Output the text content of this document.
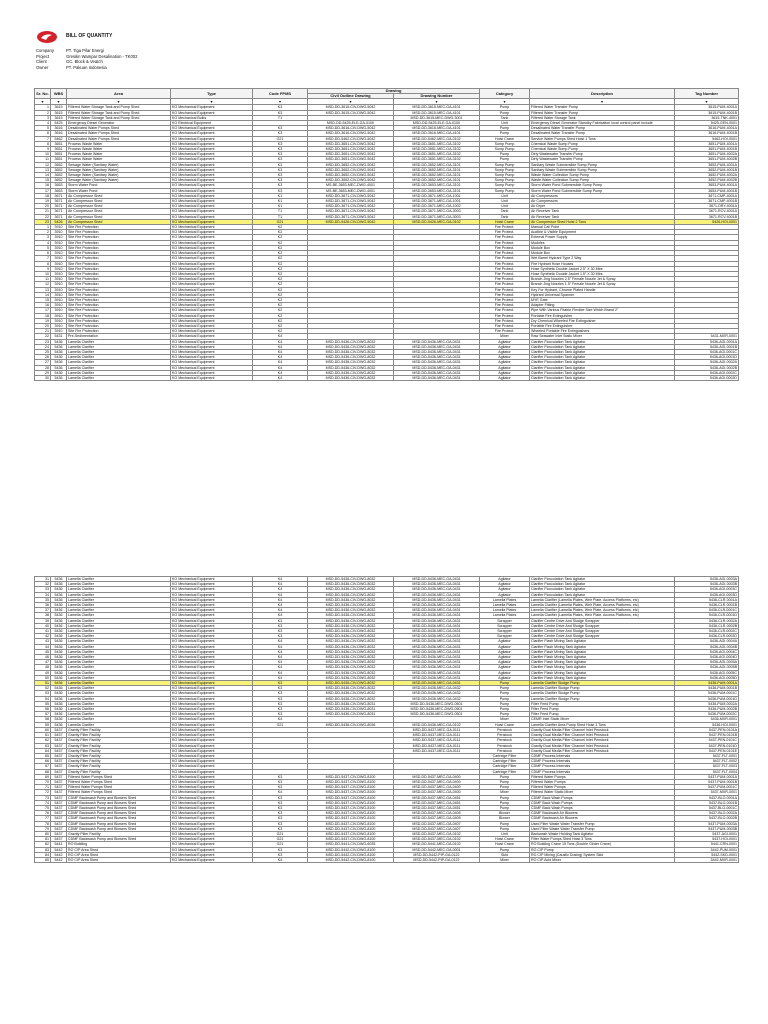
BILL OF QUANTITY
Company	PT. Tiga Pilar Energi
Project	Gresikn Wampar Desalination - TK002
Client	GC. Block & Veatch
Owner	PT. Pakuan Indonesia
Sr. No.	WBS	Area	Type	Code FPMS	Drawing		Category	Description	Tag Number
					Civil Outline Drawing	Drawing Number			
▾	▾	▾	▾	▾	▾	▾	▾	▾	▾
1	3615	Filtered Water Storage Tank and Pump Shed	KO Mechanical Equipment	K3	MSD-DD-3615-CIV-DWG-5042	MSD-DD-3615-MEC-GA-4101	Pump	Filtered Water Transfer Pump	3615-PUM-4001A
2	3615	Filtered Water Storage Tank and Pump Shed	KO Mechanical Equipment	K3	MSD-DD-3615-CIV-DWG-5042	MSD-DD-3615-MEC-GA-4101	Pump	Filtered Water Transfer Pump	3615-PUM-4001B
3	3615	Filtered Water Storage Tank and Pump Shed	KO Mechanical Bulks	T1		MSD-DD-3615-MEC-DWG-3001	Tank	Filtered Water Storage Tank	3615-TNK-4001
4	5425	Emergency Diesel Generator	KO Electrical Equipment		MSD-DD-5425-ELE-GA-0100	MSD-DD-5425-ELE-GA-0100	Unit	Emergency Diesel Generator Standby Fabrication local control panel include	5425-GEN-0001
5	3616	Desalinated Water Pumps Shed	KO Mechanical Equipment	K3	MSD-DD-3616-CIV-DWG-5042	MSD-DD-3616-MEC-GA-4101	Pump	Desalinated Water Transfer Pump	3616-PUM-4001A
6	3616	Desalinated Water Pumps Shed	KO Mechanical Equipment	K3	MSD-DD-3616-CIV-DWG-5042	MSD-DD-3616-MEC-GA-4101	Pump	Desalinated Water Transfer Pump	3616-PUM-4001B
7	5462	Desalinated Water Pumps Shed	KO Mechanical Equipment	G21	MSD-DD-5462-CIV-DWG-5042	MSD-DD-5462-MEC-GA-0102	Hoist Crane	Service Water Pumps Shed Hoist 1 Tons	5462-HOI-0001
8	3651	Process Waste Water	KO Mechanical Equipment	K3	MSD-DD-3651-CIV-DWG-5042	MSD-DD-3651-MEC-GA-3102	Sump Pump	Chemical Waste Sump Pump	3651-PUM-4001A
9	3651	Process Waste Water	KO Mechanical Equipment	K3	MSD-DD-3651-CIV-DWG-5042	MSD-DD-3651-MEC-GA-3102	Sump Pump	Chemical Waste Sump Pump	3651-PUM-4001B
10	3651	Process Waste Water	KO Mechanical Equipment	K3	MSD-DD-3651-CIV-DWG-5042	MSD-DD-3651-MEC-GA-3102	Pump	Dirty Wastewater Transfer Pump	3651-PUM-4002A
11	3651	Process Waste Water	KO Mechanical Equipment	K3	MSD-DD-3651-CIV-DWG-5042	MSD-DD-3651-MEC-GA-3102	Pump	Dirty Wastewater Transfer Pump	3651-PUM-4002B
12	3652	Sewage Water (Sanitary Water)	KO Mechanical Equipment	K3	MSD-DD-3652-CIV-DWG-5042	MSD-DD-3652-MEC-GA-3101	Sump Pump	Sanitary Waste Submersible Sump Pump	3652-PUM-4001A
13	3652	Sewage Water (Sanitary Water)	KO Mechanical Equipment	K3	MSD-DD-3652-CIV-DWG-5042	MSD-DD-3652-MEC-GA-3101	Sump Pump	Sanitary Waste Submersible Sump Pump	3652-PUM-4001B
14	3652	Sewage Water (Sanitary Water)	KO Mechanical Equipment	K3	MSD-DD-3652-CIV-DWG-5042	MSD-DD-3652-MEC-GA-3101	Sump Pump	Waste Water Collection Sump Pump	3652-PUM-4002A
15	3652	Sewage Water (Sanitary Water)	KO Mechanical Equipment	K3	MSD-DD-3652-CIV-DWG-5042	MSD-DD-3652-MEC-GA-3101	Sump Pump	Waste Water Collection Sump Pump	3652-PUM-4002B
16	3653	Storm Water Pond	KO Mechanical Equipment	K3	MS-BE-3653-MEC-DWG-4001	MSD-DD-3653-MEC-GA-3101	Sump Pump	Storm Water Pond Submersible Sump Pump	3653-PUM-4001A
17	3653	Storm Water Pond	KO Mechanical Equipment	K3	MS-BE-3653-MEC-DWG-4001	MSD-DD-3653-MEC-GA-3101	Sump Pump	Storm Water Pond Submersible Sump Pump	3653-PUM-4001B
18	3671	Air Compressor Shed	KO Mechanical Equipment	K1	MSD-DD-3671-CIV-DWG-5042	MSD-DD-3671-MEC-GA-1001	Unit	Air Compressors	3671-CMP-4001A
19	3671	Air Compressor Shed	KO Mechanical Equipment	K1	MSD-DD-3671-CIV-DWG-5042	MSD-DD-3671-MEC-GA-1001	Unit	Air Compressors	3671-CMP-4001B
20	3671	Air Compressor Shed	KO Mechanical Equipment	K1	MSD-DD-3671-CIV-DWG-5042	MSD-DD-3671-MEC-GA-1002	Unit	Air Dryer	3671-DRY-4001A
21	3671	Air Compressor Shed	KO Mechanical Equipment	T1	MSD-DD-3671-CIV-DWG-5042	MSD-DD-3671-MEC-GA-3003	Tank	Air Receiver Tank	3671-RCV-4001A
22	3671	Air Compressor Shed	KO Mechanical Equipment	T1	MSD-DD-3671-CIV-DWG-5042	MSD-DD-3671-MEC-GA-3003	Tank	Air Receiver Tank	3671-RCV-4001B
23	5426	Air Compressor Shed	KO Mechanical Equipment	G21	MSD-DD-5426-CIV-DWG-5042	MSD-DD-5426-MEC-GA-0102	Hoist Crane	Air Compressor Shed Hoist 2 Tons	5426-HOI-0001
1	3910	Site Fire Protection	KO Mechanical Equipment	K2			Fire Protect.	Manual Call Point	
2	3910	Site Fire Protection	KO Mechanical Equipment	K2			Fire Protect.	Audible & Visible Equipment	
3	3910	Site Fire Protection	KO Mechanical Equipment	K2			Fire Protect.	External Power Supply	
4	3910	Site Fire Protection	KO Mechanical Equipment	K2			Fire Protect.	Modules	
5	3910	Site Fire Protection	KO Mechanical Equipment	K2			Fire Protect.	Module Box	
6	3910	Site Fire Protection	KO Mechanical Equipment	K2			Fire Protect.	Module Box	
7	3910	Site Fire Protection	KO Mechanical Equipment	K2			Fire Protect.	Wet Barrel Hydrant Type 2 Way	
8	3910	Site Fire Protection	KO Mechanical Equipment	K2			Fire Protect.	Fire Hydrant Hose Houses	
9	3910	Site Fire Protection	KO Mechanical Equipment	K2			Fire Protect.	Hose Synthetic Double Jacket 2.5" X 30 Mtrs	
10	3910	Site Fire Protection	KO Mechanical Equipment	K2			Fire Protect.	Hose Synthetic Double Jacket 1.5" X 30 Mtrs	
11	3910	Site Fire Protection	KO Mechanical Equipment	K2			Fire Protect.	Branch Jing Nozzles 2.5" Female Nozzle Jet & Spray	
12	3910	Site Fire Protection	KO Mechanical Equipment	K2			Fire Protect.	Branch Jing Nozzles 1.5" Female Nozzle Jet & Spray	
13	3910	Site Fire Protection	KO Mechanical Equipment	K2			Fire Protect.	Key For Hydrant, Chrome Plated Handle	
14	3910	Site Fire Protection	KO Mechanical Equipment	K2			Fire Protect.	Hydrant Universal Spanner	
15	3910	Site Fire Protection	KO Mechanical Equipment	K2			Fire Protect.	MYE Gate	
16	3910	Site Fire Protection	KO Mechanical Equipment	K2			Fire Protect.	Adapter Fitting	
17	3910	Site Fire Protection	KO Mechanical Equipment	K2			Fire Protect.	Pipe With Various Fitable Flexible Size Which Brand 2"	
18	3910	Site Fire Protection	KO Mechanical Equipment	K2			Fire Protect.	Portable Fire Extinguisher	
19	3910	Site Fire Protection	KO Mechanical Equipment	K2			Fire Protect.	Dry Chemical Wheeled Fire Extinguisher	
20	3910	Site Fire Protection	KO Mechanical Equipment	K2			Fire Protect.	Portable Fire Extinguisher	
21	3910	Site Fire Protection	KO Mechanical Equipment	K2			Fire Protect.	Wheeled Portable Fire Extinguishers	
22	5431	Pre-Sedimentation	KO Mechanical Equipment	K4			Mixer	Raw Seawater Inlet Static Mixer	5431-MXR-0001
23	5436	Lamella Clarifier	KO Mechanical Equipment	K4	MSD-DD-5436-CIV-DWG-8032	MSD-DD-5436-MEC-GA-0431	Agitator	Clarifier Flocculation Tank Agitator	5436-AGI-0001A
24	5436	Lamella Clarifier	KO Mechanical Equipment	K4	MSD-DD-5436-CIV-DWG-8032	MSD-DD-5436-MEC-GA-0431	Agitator	Clarifier Flocculation Tank Agitator	5436-AGI-0001B
25	5436	Lamella Clarifier	KO Mechanical Equipment	K4	MSD-DD-5436-CIV-DWG-8032	MSD-DD-5436-MEC-GA-0431	Agitator	Clarifier Flocculation Tank Agitator	5436-AGI-0001C
26	5436	Lamella Clarifier	KO Mechanical Equipment	K4	MSD-DD-5436-CIV-DWG-8032	MSD-DD-5436-MEC-GA-0431	Agitator	Clarifier Flocculation Tank Agitator	5436-AGI-0001D
27	5436	Lamella Clarifier	KO Mechanical Equipment	K4	MSD-DD-5436-CIV-DWG-8032	MSD-DD-5436-MEC-GA-0431	Agitator	Clarifier Flocculation Tank Agitator	5436-AGI-0002A
28	5436	Lamella Clarifier	KO Mechanical Equipment	K4	MSD-DD-5436-CIV-DWG-8032	MSD-DD-5436-MEC-GA-0431	Agitator	Clarifier Flocculation Tank Agitator	5436-AGI-0002B
29	5436	Lamella Clarifier	KO Mechanical Equipment	K4	MSD-DD-5436-CIV-DWG-8032	MSD-DD-5436-MEC-GA-0431	Agitator	Clarifier Flocculation Tank Agitator	5436-AGI-0002C
30	5436	Lamella Clarifier	KO Mechanical Equipment	K4	MSD-DD-5436-CIV-DWG-8032	MSD-DD-5436-MEC-GA-0431	Agitator	Clarifier Flocculation Tank Agitator	5436-AGI-0002D
31	5436	Lamella Clarifier	KO Mechanical Equipment	K4	MSD-DD-5436-CIV-DWG-8032	MSD-DD-5436-MEC-GA-0431	Agitator	Clarifier Flocculation Tank Agitator	5436-AGI-0003A
32	5436	Lamella Clarifier	KO Mechanical Equipment	K4	MSD-DD-5436-CIV-DWG-8032	MSD-DD-5436-MEC-GA-0431	Agitator	Clarifier Flocculation Tank Agitator	5436-AGI-0003B
33	5436	Lamella Clarifier	KO Mechanical Equipment	K4	MSD-DD-5436-CIV-DWG-8032	MSD-DD-5436-MEC-GA-0431	Agitator	Clarifier Flocculation Tank Agitator	5436-AGI-0003C
34	5436	Lamella Clarifier	KO Mechanical Equipment	K4	MSD-DD-5436-CIV-DWG-8032	MSD-DD-5436-MEC-GA-0431	Agitator	Clarifier Flocculation Tank Agitator	5436-AGI-0003D
35	5436	Lamella Clarifier	KO Mechanical Equipment	K4	MSD-DD-5436-CIV-DWG-8032	MSD-DD-5436-MEC-GA-0431	Lamella Plates	Lamella Clarifier (Lamella Plates, Weir Plate, Access Platforms, etc)	5436-CLR-0001A
36	5436	Lamella Clarifier	KO Mechanical Equipment	K4	MSD-DD-5436-CIV-DWG-8032	MSD-DD-5436-MEC-GA-0431	Lamella Plates	Lamella Clarifier (Lamella Plates, Weir Plate, Access Platforms, etc)	5436-CLR-0001B
37	5436	Lamella Clarifier	KO Mechanical Equipment	K4	MSD-DD-5436-CIV-DWG-8032	MSD-DD-5436-MEC-GA-0431	Lamella Plates	Lamella Clarifier (Lamella Plates, Weir Plate, Access Platforms, etc)	5436-CLR-0001C
38	5436	Lamella Clarifier	KO Mechanical Equipment	K4	MSD-DD-5436-CIV-DWG-8032	MSD-DD-5436-MEC-GA-0431	Lamella Plates	Lamella Clarifier (Lamella Plates, Weir Plate, Access Platforms, etc)	5436-CLR-0001D
39	5436	Lamella Clarifier	KO Mechanical Equipment	K3	MSD-DD-5436-CIV-DWG-8032	MSD-DD-5436-MEC-GA-0431	Scrapper	Clarifier Centre Drive And Sludge Scrapper	5436-CLR-0002A
40	5436	Lamella Clarifier	KO Mechanical Equipment	K3	MSD-DD-5436-CIV-DWG-8032	MSD-DD-5436-MEC-GA-0431	Scrapper	Clarifier Centre Drive And Sludge Scrapper	5436-CLR-0002B
41	5436	Lamella Clarifier	KO Mechanical Equipment	K3	MSD-DD-5436-CIV-DWG-8032	MSD-DD-5436-MEC-GA-0431	Scrapper	Clarifier Centre Drive And Sludge Scrapper	5436-CLR-0002C
42	5436	Lamella Clarifier	KO Mechanical Equipment	K3	MSD-DD-5436-CIV-DWG-8032	MSD-DD-5436-MEC-GA-0431	Scrapper	Clarifier Centre Drive And Sludge Scrapper	5436-CLR-0002D
43	5436	Lamella Clarifier	KO Mechanical Equipment	K4	MSD-DD-5436-CIV-DWG-8032	MSD-DD-5436-MEC-GA-0431	Agitator	Clarifier Flash Mixing Tank Agitator	5436-AGI-0004A
44	5436	Lamella Clarifier	KO Mechanical Equipment	K4	MSD-DD-5436-CIV-DWG-8032	MSD-DD-5436-MEC-GA-0431	Agitator	Clarifier Flash Mixing Tank Agitator	5436-AGI-0004B
45	5436	Lamella Clarifier	KO Mechanical Equipment	K4	MSD-DD-5436-CIV-DWG-8032	MSD-DD-5436-MEC-GA-0431	Agitator	Clarifier Flash Mixing Tank Agitator	5436-AGI-0004C
46	5436	Lamella Clarifier	KO Mechanical Equipment	K4	MSD-DD-5436-CIV-DWG-8032	MSD-DD-5436-MEC-GA-0431	Agitator	Clarifier Flash Mixing Tank Agitator	5436-AGI-0004D
47	5436	Lamella Clarifier	KO Mechanical Equipment	K4	MSD-DD-5436-CIV-DWG-8032	MSD-DD-5436-MEC-GA-0431	Agitator	Clarifier Flash Mixing Tank Agitator	5436-AGI-0005A
48	5436	Lamella Clarifier	KO Mechanical Equipment	K4	MSD-DD-5436-CIV-DWG-8032	MSD-DD-5436-MEC-GA-0431	Agitator	Clarifier Flash Mixing Tank Agitator	5436-AGI-0005B
49	5436	Lamella Clarifier	KO Mechanical Equipment	K4	MSD-DD-5436-CIV-DWG-8032	MSD-DD-5436-MEC-GA-0431	Agitator	Clarifier Flash Mixing Tank Agitator	5436-AGI-0005C
50	5436	Lamella Clarifier	KO Mechanical Equipment	K4	MSD-DD-5436-CIV-DWG-8032	MSD-DD-5436-MEC-GA-0431	Agitator	Clarifier Flash Mixing Tank Agitator	5436-AGI-0005D
51	5436	Lamella Clarifier	KO Mechanical Equipment	K3	MSD-DD-5436-CIV-DWG-8032	MSD-DD-5436-MEC-GA-0431	Pump	Lamella Clarifier Sludge Pump	5436-PUM-0001A
52	5436	Lamella Clarifier	KO Mechanical Equipment	K3	MSD-DD-5436-CIV-DWG-8032	MSD-DD-5436-MEC-GA-0432	Pump	Lamella Clarifier Sludge Pump	5436-PUM-0001B
53	5436	Lamella Clarifier	KO Mechanical Equipment	K3	MSD-DD-5436-CIV-DWG-8032	MSD-DD-5436-MEC-GA-0432	Pump	Lamella Clarifier Sludge Pump	5436-PUM-0001C
54	5436	Lamella Clarifier	KO Mechanical Equipment	K3	MSD-DD-5436-CIV-DWG-8032	MSD-DD-5436-MEC-GA-0432	Pump	Lamella Clarifier Sludge Pump	5436-PUM-0001D
55	5436	Lamella Clarifier	KO Mechanical Equipment	K3	MSD-DD-5436-CIV-DWG-8031	MSD-DD-5436-MEC-DWG-0501	Pump	Filter Feed Pump	5436-PUM-0002A
56	5436	Lamella Clarifier	KO Mechanical Equipment	K3	MSD-DD-5436-CIV-DWG-8031	MSD-DD-5436-MEC-DWG-0501	Pump	Filter Feed Pump	5436-PUM-0002B
57	5436	Lamella Clarifier	KO Mechanical Equipment	K3	MSD-DD-5436-CIV-DWG-8031	MSD-DD-5436-MEC-DWG-0501	Pump	Filter Feed Pump	5436-PUM-0002C
58	5436	Lamella Clarifier	KO Mechanical Equipment	K4			Mixer	CEMR Inlet Static Mixer	5436-MXR-0001
59	5436	Lamella Clarifier	KO Mechanical Equipment	G21	MSD-DD-5436-CIV-DWG-8036	MSD-DD-5436-MEC-GA-0102	Hoist Crane	Lamella Clarifier Area Pump Shed Hoist 3 Tons	5436-HOI-0001
60	5437	Gravity Filter Facility	KO Mechanical Equipment			MSD-DD-5437-MEC-GA-0111	Penstock	Gravity Dual Media Filter Channel Inlet Penstock	5437-PEN-0101A
61	5437	Gravity Filter Facility	KO Mechanical Equipment			MSD-DD-5437-MEC-GA-0111	Penstock	Gravity Dual Media Filter Channel Inlet Penstock	5437-PEN-0101B
62	5437	Gravity Filter Facility	KO Mechanical Equipment			MSD-DD-5437-MEC-GA-0111	Penstock	Gravity Dual Media Filter Channel Inlet Penstock	5437-PEN-0101C
63	5437	Gravity Filter Facility	KO Mechanical Equipment			MSD-DD-5437-MEC-GA-0111	Penstock	Gravity Dual Media Filter Channel Inlet Penstock	5437-PEN-0101D
64	5437	Gravity Filter Facility	KO Mechanical Equipment			MSD-DD-5437-MEC-GA-0111	Penstock	Gravity Dual Media Filter Channel Inlet Penstock	5437-PEN-0101E
65	5437	Gravity Filter Facility	KO Mechanical Equipment				Cartridge Filter	CDMF Process Internals	5437-FLT-0001
66	5437	Gravity Filter Facility	KO Mechanical Equipment				Cartridge Filter	CDMF Process Internals	5437-FLT-0002
67	5437	Gravity Filter Facility	KO Mechanical Equipment				Cartridge Filter	CDMF Process Internals	5437-FLT-0003
68	5437	Gravity Filter Facility	KO Mechanical Equipment				Cartridge Filter	CDMF Process Internals	5437-FLT-0004
69	5437	Filtered Water Pumps Shed	KO Mechanical Equipment	K3	MSD-DD-5437-CIV-DWG-8100	MSD-DD-5437-MEC-GA-0400	Pump	Filtered Water Pumps	5437-PUM-0001A
70	5437	Filtered Water Pumps Shed	KO Mechanical Equipment	K3	MSD-DD-5437-CIV-DWG-8100	MSD-DD-5437-MEC-GA-0400	Pump	Filtered Water Pumps	5437-PUM-0001B
71	5437	Filtered Water Pumps Shed	KO Mechanical Equipment	K3	MSD-DD-5437-CIV-DWG-8100	MSD-DD-5437-MEC-GA-0400	Pump	Filtered Water Pumps	5437-PUM-0001C
72	5437	Filtered Water Pumps Shed	KO Mechanical Equipment	K4	MSD-DD-5437-CIV-DWG-8100	MSD-DD-5437-MEC-GA-0400	Mixer	Filtered Water Static Mixer	5437-MXR-0001
73	5437	CDMF Backwash Pump and Blowers Shed	KO Mechanical Equipment	K3	MSD-DD-5437-CIV-DWG-8100	MSD-DD-5437-MEC-GA-0451	Pump	CDMF Back Wash Pumps	5437-BLO-0001A
74	5437	CDMF Backwash Pump and Blowers Shed	KO Mechanical Equipment	K3	MSD-DD-5437-CIV-DWG-8100	MSD-DD-5437-MEC-GA-0451	Pump	CDMF Back Wash Pumps	5437-BLO-0001B
75	5437	CDMF Backwash Pump and Blowers Shed	KO Mechanical Equipment	K3	MSD-DD-5437-CIV-DWG-8100	MSD-DD-5437-MEC-GA-0451	Pump	CDMF Back Wash Pumps	5437-BLO-0001C
76	5437	CDMF Backwash Pump and Blowers Shed	KO Mechanical Equipment	K3	MSD-DD-5437-CIV-DWG-8100	MSD-DD-5437-MEC-GA-0405	Blower	CDMF Backwash Air Blowers	5437-BLO-0002A
77	5437	CDMF Backwash Pump and Blowers Shed	KO Mechanical Equipment	K3	MSD-DD-5437-CIV-DWG-8100	MSD-DD-5437-MEC-GA-0405	Blower	CDMF Backwash Air Blowers	5437-BLO-0002B
78	5437	CDMF Backwash Pump and Blowers Shed	KO Mechanical Equipment	K3	MSD-DD-5437-CIV-DWG-8100	MSD-DD-5437-MEC-GA-0407	Pump	Used Filter Waste Water Transfer Pump	5437-PUM-0003A
79	5437	CDMF Backwash Pump and Blowers Shed	KO Mechanical Equipment	K3	MSD-DD-5437-CIV-DWG-8100	MSD-DD-5437-MEC-GA-0407	Pump	Used Filter Waste Water Transfer Pump	5437-PUM-0003B
80	5437	Gravity Filter Facility	KO Mechanical Equipment	G21	MSD-DD-5437-CIV-DWG-8100	MSD-DD-5437-MEC-GA-0102	Unit	Backwash Waste Holding Tank Agitator	5437-AGI-0001
81	5437	CDMF Backwash Pump and Blowers Shed	KO Mechanical Equipment	G21	MSD-DD-5437-CIV-DWG-8100	MSD-DD-5437-MEC-GA-0102	Hoist Crane	Filter Water Pumps Shed Hoist 3 Tons	5437-HOI-0001
82	5441	RO Building	KO Mechanical Equipment	G21	MSD-DD-5441-CIV-DWG-6035	MSD-DD-5441-MEC-GA-0102	Hoist Crane	RO Building Crane 15 Tons (Double Girder Crane)	5441-CRN-0001
83	5442	RO CIP Area Shed	KO Mechanical Equipment	K3	MSD-DD-5442-CIV-DWG-8100	MSD-DD-5442-MEC-GA-0001	Pump	RO CIP Pump	5442-PUM-0001
84	5442	RO CIP Area Shed	KO Mechanical Equipment	K3	MSD-DD-5442-CIV-DWG-8100	MSD-DD-5442-PIP-GA-0122	Skid	RO CIP Mixing (Caustic Dosing) System Skid	5442-SKD-0001
85	5442	RO CIP Area Shed	KO Mechanical Equipment	K4	MSD-DD-5442-CIV-DWG-8100	MSD-DD-5442-PIP-GA-0122	Mixer	RO CIP Acid Mixer	5442-MXR-0001
